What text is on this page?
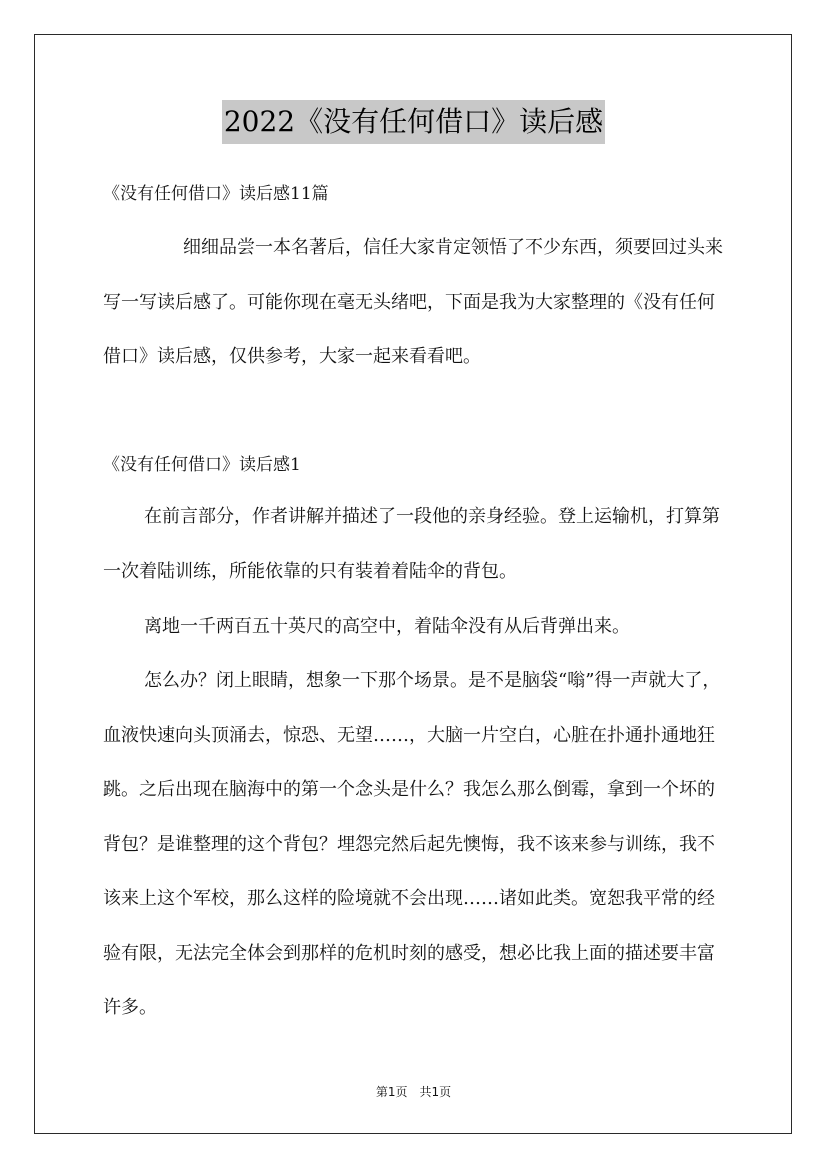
2022《没有任何借口》读后感
《没有任何借口》读后感11篇
细细品尝一本名著后，信任大家肯定领悟了不少东西，须要回过头来写一写读后感了。可能你现在毫无头绪吧，下面是我为大家整理的《没有任何借口》读后感，仅供参考，大家一起来看看吧。
《没有任何借口》读后感1
在前言部分，作者讲解并描述了一段他的亲身经验。登上运输机，打算第一次着陆训练，所能依靠的只有装着着陆伞的背包。
离地一千两百五十英尺的高空中，着陆伞没有从后背弹出来。
怎么办？闭上眼睛，想象一下那个场景。是不是脑袋“嗡”得一声就大了，血液快速向头顶涌去，惊恐、无望……，大脑一片空白，心脏在扑通扑通地狂跳。之后出现在脑海中的第一个念头是什么？我怎么那么倒霉，拿到一个坏的背包？是谁整理的这个背包？埋怨完然后起先懊悔，我不该来参与训练，我不该来上这个军校，那么这样的险境就不会出现……诸如此类。宽恕我平常的经验有限，无法完全体会到那样的危机时刻的感受，想必比我上面的描述要丰富许多。
第1页　共1页
